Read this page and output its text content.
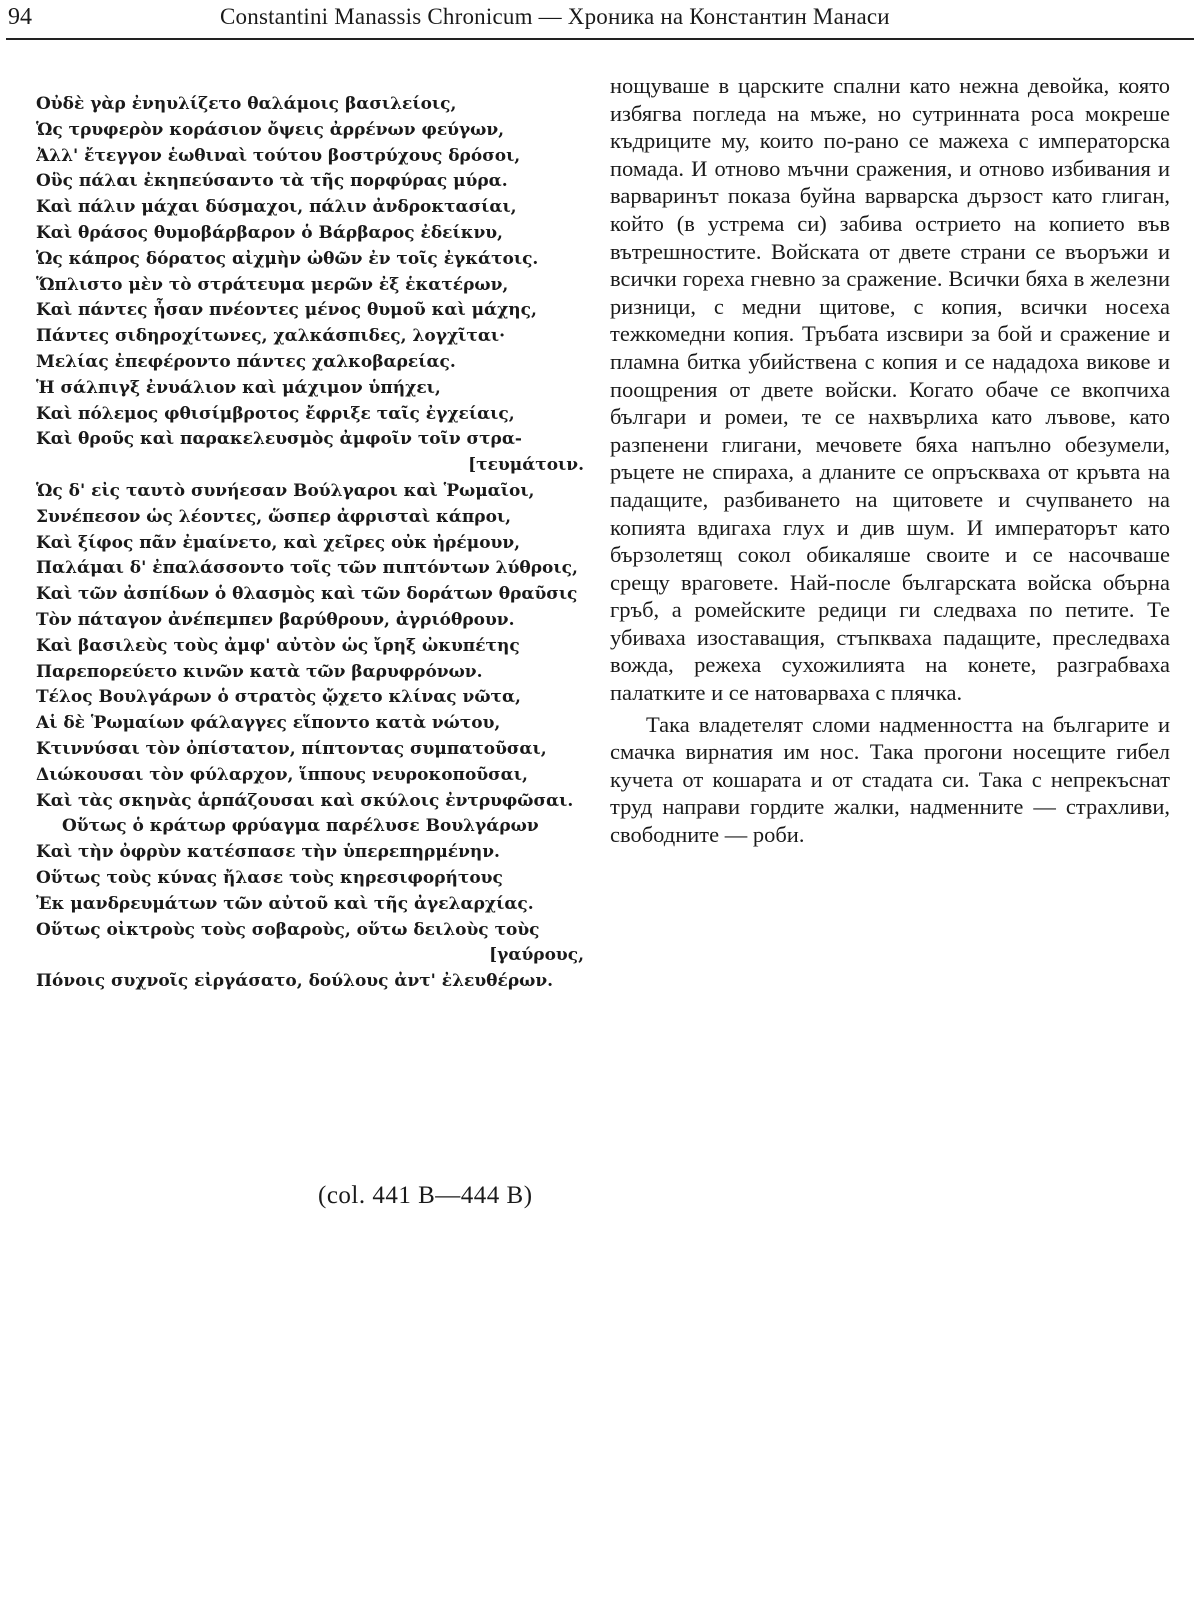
94	Constantini Manassis Chronicum — Хроника на Константин Манаси
Οὐδὲ γὰρ ἐνηυλίζετο θαλάμοις βασιλείοις,
Ὡς τρυφερὸν κοράσιον ὄψεις ἀρρένων φεύγων,
Ἀλλ' ἔτεγγον ἑωθιναὶ τούτου βοστρύχους δρόσοι,
Οὓς πάλαι ἐκηπεύσαντο τὰ τῆς πορφύρας μύρα.
Καὶ πάλιν μάχαι δύσμαχοι, πάλιν ἀνδροκτασίαι,
Καὶ θράσος θυμοβάρβαρον ὁ Βάρβαρος ἐδείκνυ,
Ὡς κάπρος δόρατος αἰχμὴν ὠθῶν ἐν τοῖς ἐγκάτοις.
Ὥπλιστο μὲν τὸ στράτευμα μερῶν ἐξ ἑκατέρων,
Καὶ πάντες ἦσαν πνέοντες μένος θυμοῦ καὶ μάχης,
Πάντες σιδηροχίτωνες, χαλκάσπιδες, λογχῖται·
Μελίας ἐπεφέροντο πάντες χαλκοβαρείας.
Ἡ σάλπιγξ ἐνυάλιον καὶ μάχιμον ὑπήχει,
Καὶ πόλεμος φθισίμβροτος ἔφριξε ταῖς ἐγχείαις,
Καὶ θροῦς καὶ παρακελευσμὸς ἀμφοῖν τοῖν στρα-
[τευμάτοιν.
Ὡς δ' εἰς ταυτὸ συνήεσαν Βούλγαροι καὶ Ῥωμαῖοι,
Συνέπεσον ὡς λέοντες, ὥσπερ ἀφρισταὶ κάπροι,
Καὶ ξίφος πᾶν ἐμαίνετο, καὶ χεῖρες οὐκ ἠρέμουν,
Παλάμαι δ' ἐπαλάσσοντο τοῖς τῶν πιπτόντων λύθροις,
Καὶ τῶν ἀσπίδων ὁ θλασμὸς καὶ τῶν δοράτων θραῦσις
Τὸν πάταγον ἀνέπεμπεν βαρύθρουν, ἀγριόθρουν.
Καὶ βασιλεὺς τοὺς ἀμφ' αὐτὸν ὡς ἴρηξ ὠκυπέτης
Παρεπορεύετο κινῶν κατὰ τῶν βαρυφρόνων.
Τέλος Βουλγάρων ὁ στρατὸς ᾤχετο κλίνας νῶτα,
Αἱ δὲ Ῥωμαίων φάλαγγες εἵποντο κατὰ νώτου,
Κτιννύσαι τὸν ὀπίστατον, πίπτοντας συμπατοῦσαι,
Διώκουσαι τὸν φύλαρχον, ἵππους νευροκοποῦσαι,
Καὶ τὰς σκηνὰς ἁρπάζουσαι καὶ σκύλοις ἐντρυφῶσαι.
Οὕτως ὁ κράτωρ φρύαγμα παρέλυσε Βουλγάρων
Καὶ τὴν ὀφρὺν κατέσπασε τὴν ὑπερεπηρμένην.
Οὕτως τοὺς κύνας ἤλασε τοὺς κηρεσιφορήτους
Ἐκ μανδρευμάτων τῶν αὐτοῦ καὶ τῆς ἀγελαρχίας.
Οὕτως οἰκτροὺς τοὺς σοβαροὺς, οὕτω δειλοὺς τοὺς
[γαύρους,
Πόνοις συχνοῖς εἰργάσατο, δούλους ἀντ' ἐλευθέρων.

нощуваше в царските спални като нежна девойка, която избягва погледа на мъже, но сутринната роса мокреше къдриците му, които по-рано се мажеха с императорска помада. И отново мъчни сражения, и отново избивания и варваринът показа буйна варварска дързост като глиган, който (в устрема си) забива острието на копието във вътрешностите. Войската от двете страни се въоръжи и всички гореха гневно за сражение. Всички бяха в железни ризници, с медни щитове, с копия, всички носеха тежкомедни копия. Тръбата изсвири за бой и сражение и пламна битка убийствена с копия и се нададоха викове и поощрения от двете войски. Когато обаче се вкопчиха българи и ромеи, те се нахвърлиха като лъвове, като разпенени глигани, мечовете бяха напълно обезумели, ръцете не спираха, а дланите се опръскваха от кръвта на падащите, разбиването на щитовете и счупването на копията вдигаха глух и див шум. И императорът като бързолетящ сокол обикаляше своите и се насочваше срещу враговете. Най-после българската войска обърна гръб, а ромейските редици ги следваха по петите. Те убиваха изоставащия, стъпкваха падащите, преследваха вожда, режеха сухожилията на конете, разграбваха палатките и се натоварваха с плячка.

Така владетелят сломи надменността на българите и смачка вирнатия им нос. Така прогони носещите гибел кучета от кошарата и от стадата си. Така с непрекъснат труд направи гордите жалки, надменните — страхливи, свободните — роби.

(col. 441 B—444 B)
